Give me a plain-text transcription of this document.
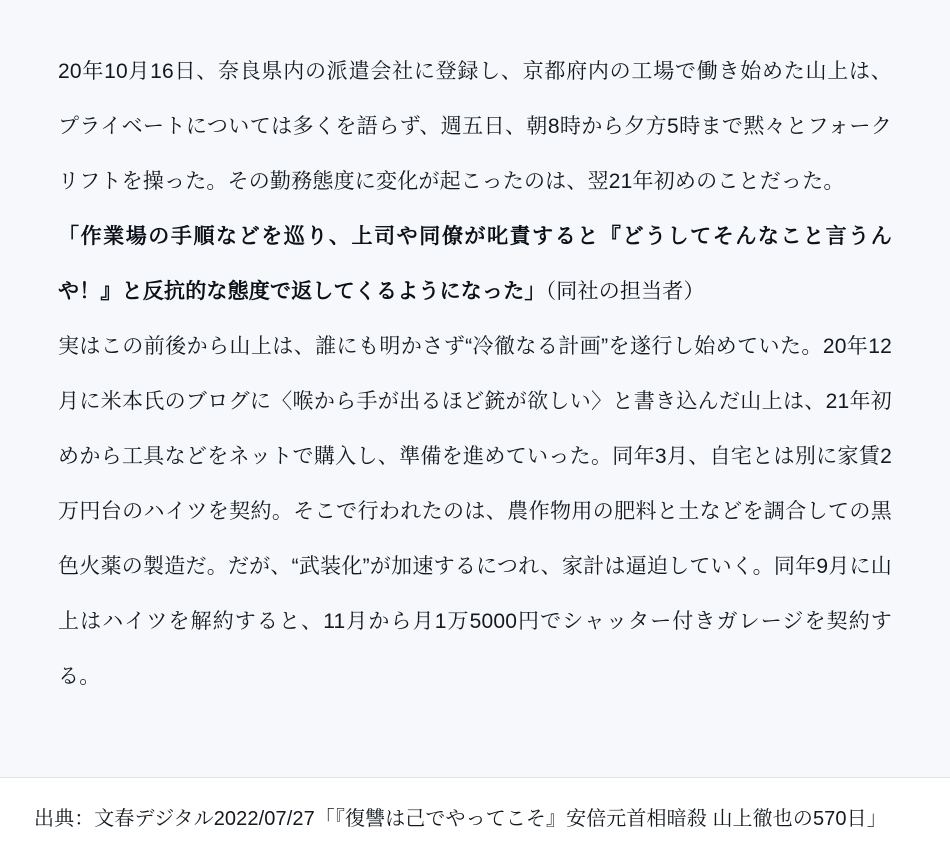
20年10月16日、奈良県内の派遣会社に登録し、京都府内の工場で働き始めた山上は、プライベートについては多くを語らず、週五日、朝8時から夕方5時まで黙々とフォークリフトを操った。その勤務態度に変化が起こったのは、翌21年初めのことだった。

「作業場の手順などを巡り、上司や同僚が叱責すると『どうしてそんなこと言うんや！』と反抗的な態度で返してくるようになった」（同社の担当者）

実はこの前後から山上は、誰にも明かさず“冷徹なる計画”を遂行し始めていた。20年12月に米本氏のブログに〈喉から手が出るほど銃が欲しい〉と書き込んだ山上は、21年初めから工具などをネットで購入し、準備を進めていった。同年3月、自宅とは別に家賃2万円台のハイツを契約。そこで行われたのは、農作物用の肥料と土などを調合しての黒色火薬の製造だ。だが、“武装化”が加速するにつれ、家計は逼迫していく。同年9月に山上はハイツを解約すると、11月から月1万5000円でシャッター付きガレージを契約する。

出典：文春デジタル2022/07/27「『復讐は己でやってこそ』安倍元首相暗殺 山上徹也の570日」
